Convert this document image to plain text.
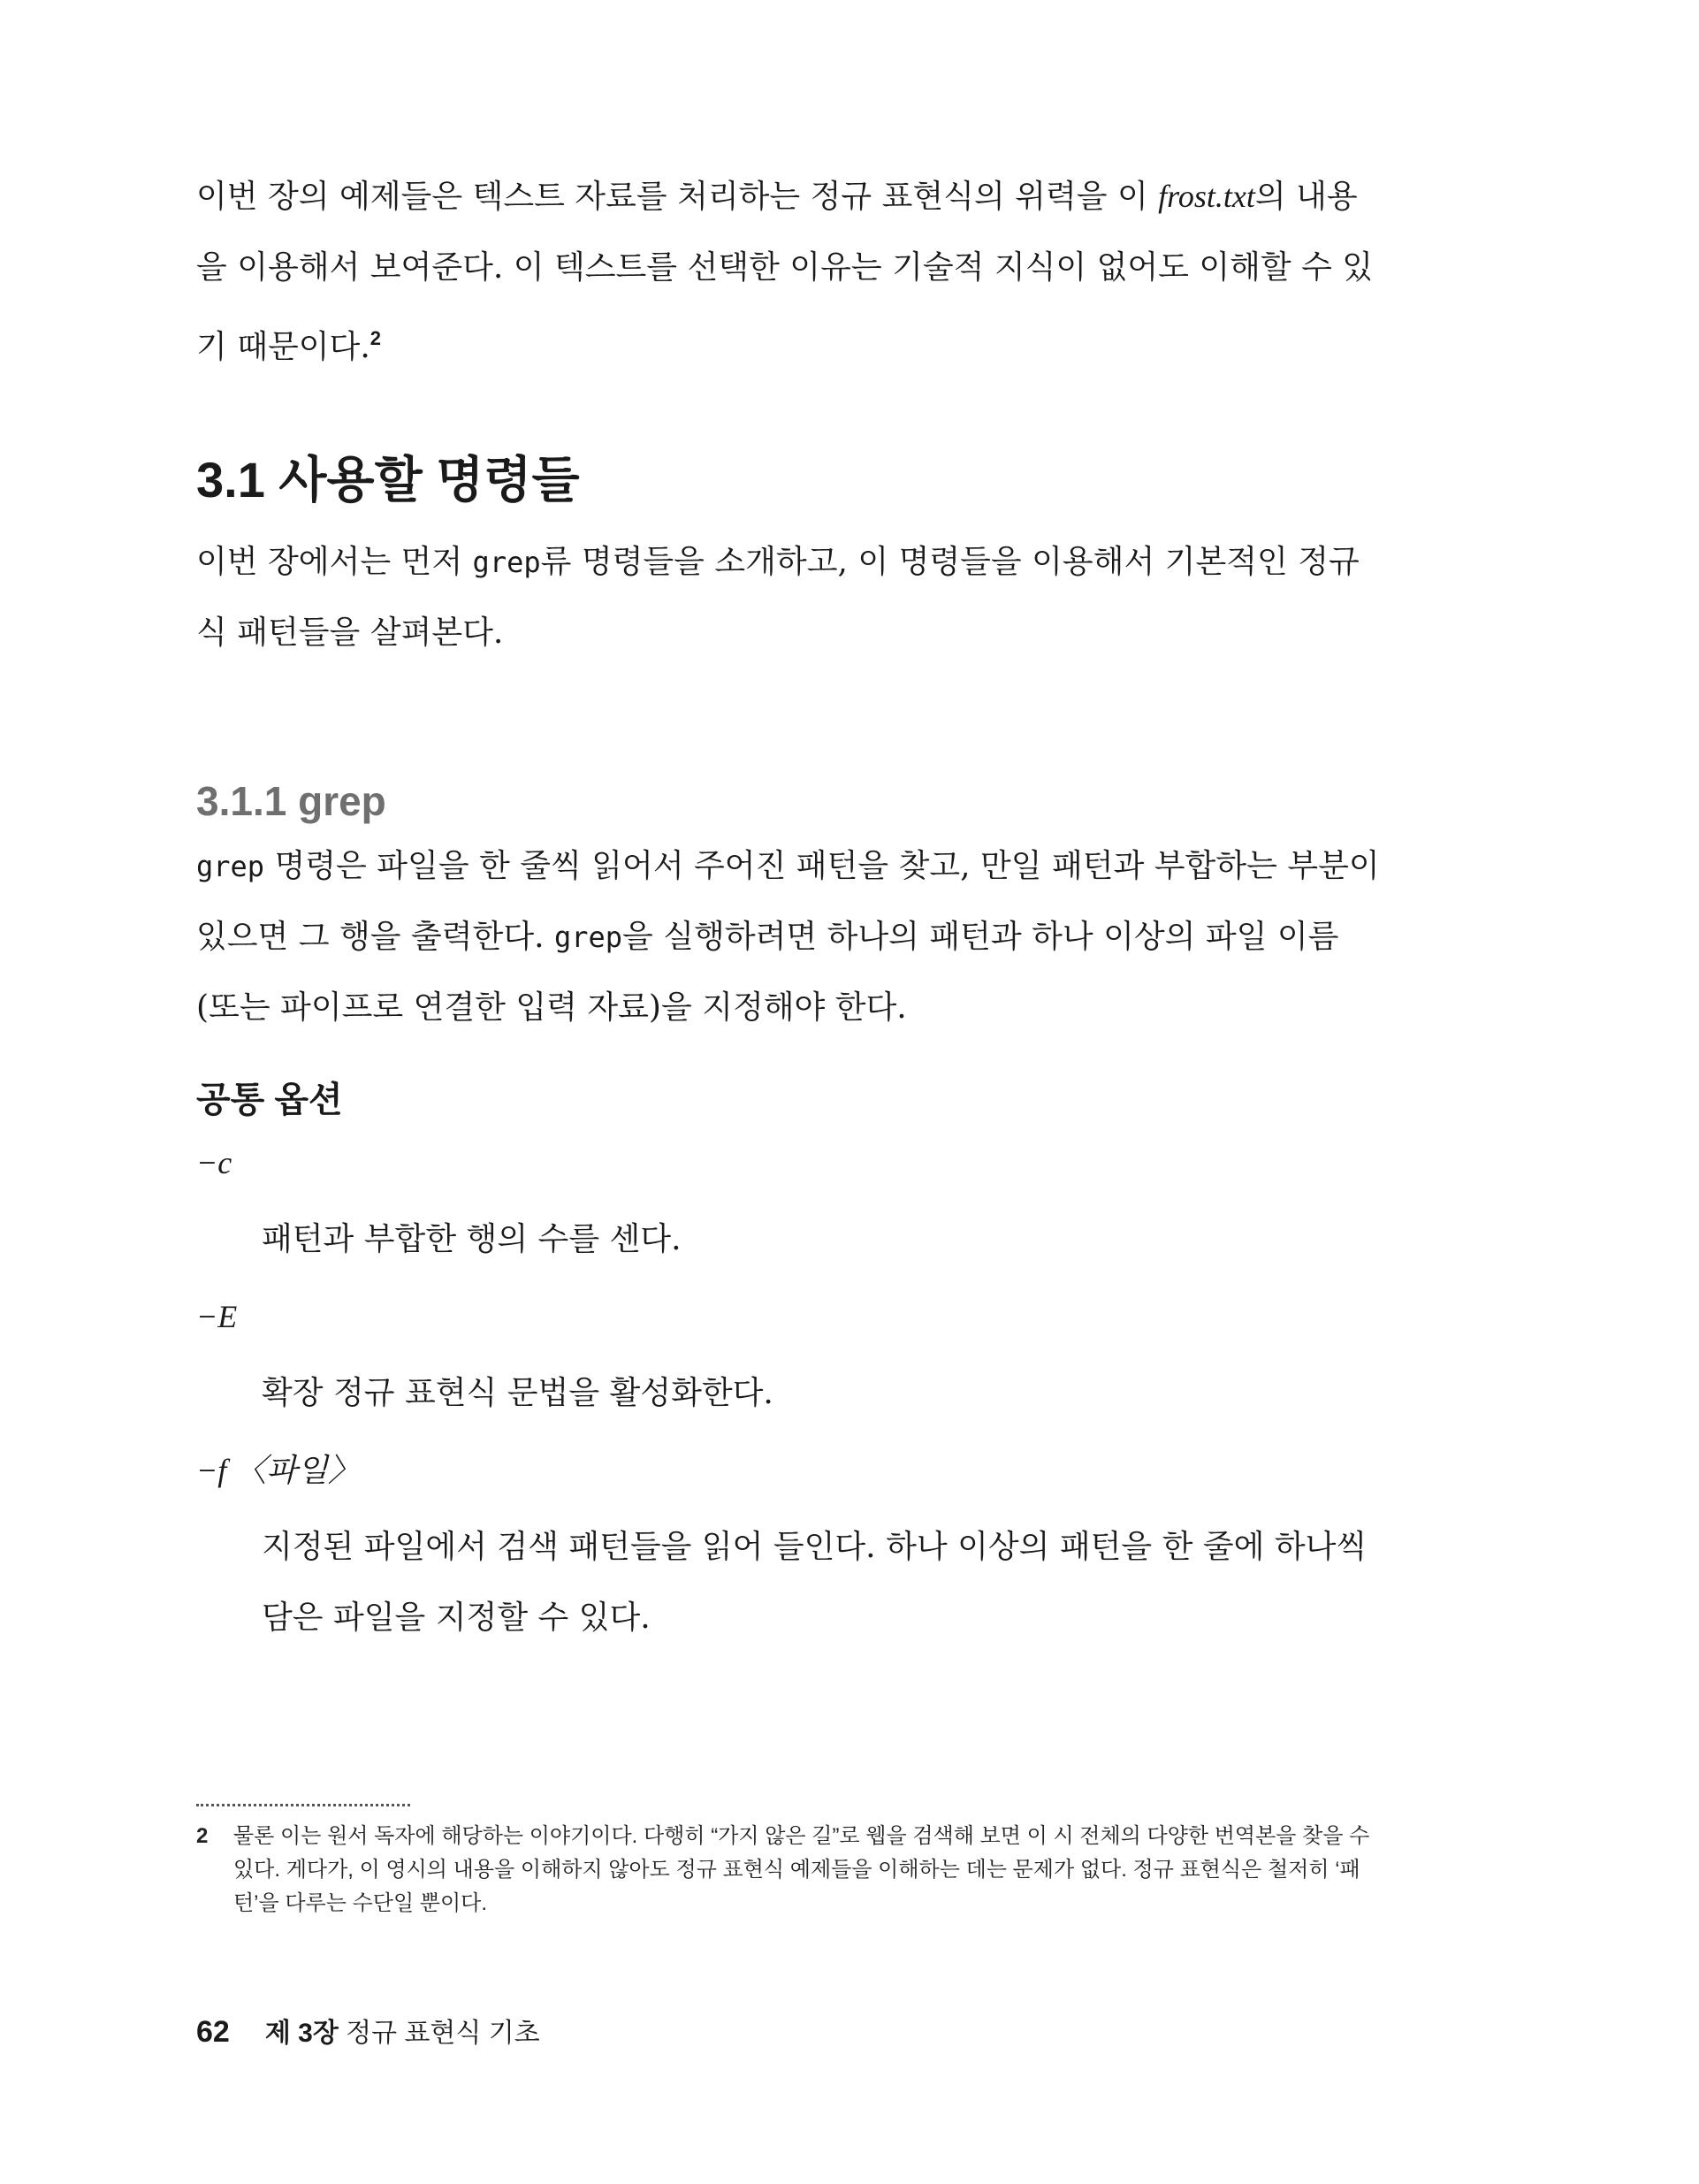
이번 장의 예제들은 텍스트 자료를 처리하는 정규 표현식의 위력을 이 frost.txt의 내용을 이용해서 보여준다. 이 텍스트를 선택한 이유는 기술적 지식이 없어도 이해할 수 있기 때문이다.$^2$
3.1 사용할 명령들
이번 장에서는 먼저 grep류 명령들을 소개하고, 이 명령들을 이용해서 기본적인 정규식 패턴들을 살펴본다.
3.1.1 grep
grep 명령은 파일을 한 줄씩 읽어서 주어진 패턴을 찾고, 만일 패턴과 부합하는 부분이 있으면 그 행을 출력한다. grep을 실행하려면 하나의 패턴과 하나 이상의 파일 이름(또는 파이프로 연결한 입력 자료)을 지정해야 한다.
공통 옵션
−c
패턴과 부합한 행의 수를 센다.
−E
확장 정규 표현식 문법을 활성화한다.
−f 〈파일〉
지정된 파일에서 검색 패턴들을 읽어 들인다. 하나 이상의 패턴을 한 줄에 하나씩 담은 파일을 지정할 수 있다.
2 물론 이는 원서 독자에 해당하는 이야기이다. 다행히 “가지 않은 길”로 웹을 검색해 보면 이 시 전체의 다양한 번역본을 찾을 수 있다. 게다가, 이 영시의 내용을 이해하지 않아도 정규 표현식 예제들을 이해하는 데는 문제가 없다. 정규 표현식은 철저히 ‘패턴’을 다루는 수단일 뿐이다.
62 제 3장 정규 표현식 기초
